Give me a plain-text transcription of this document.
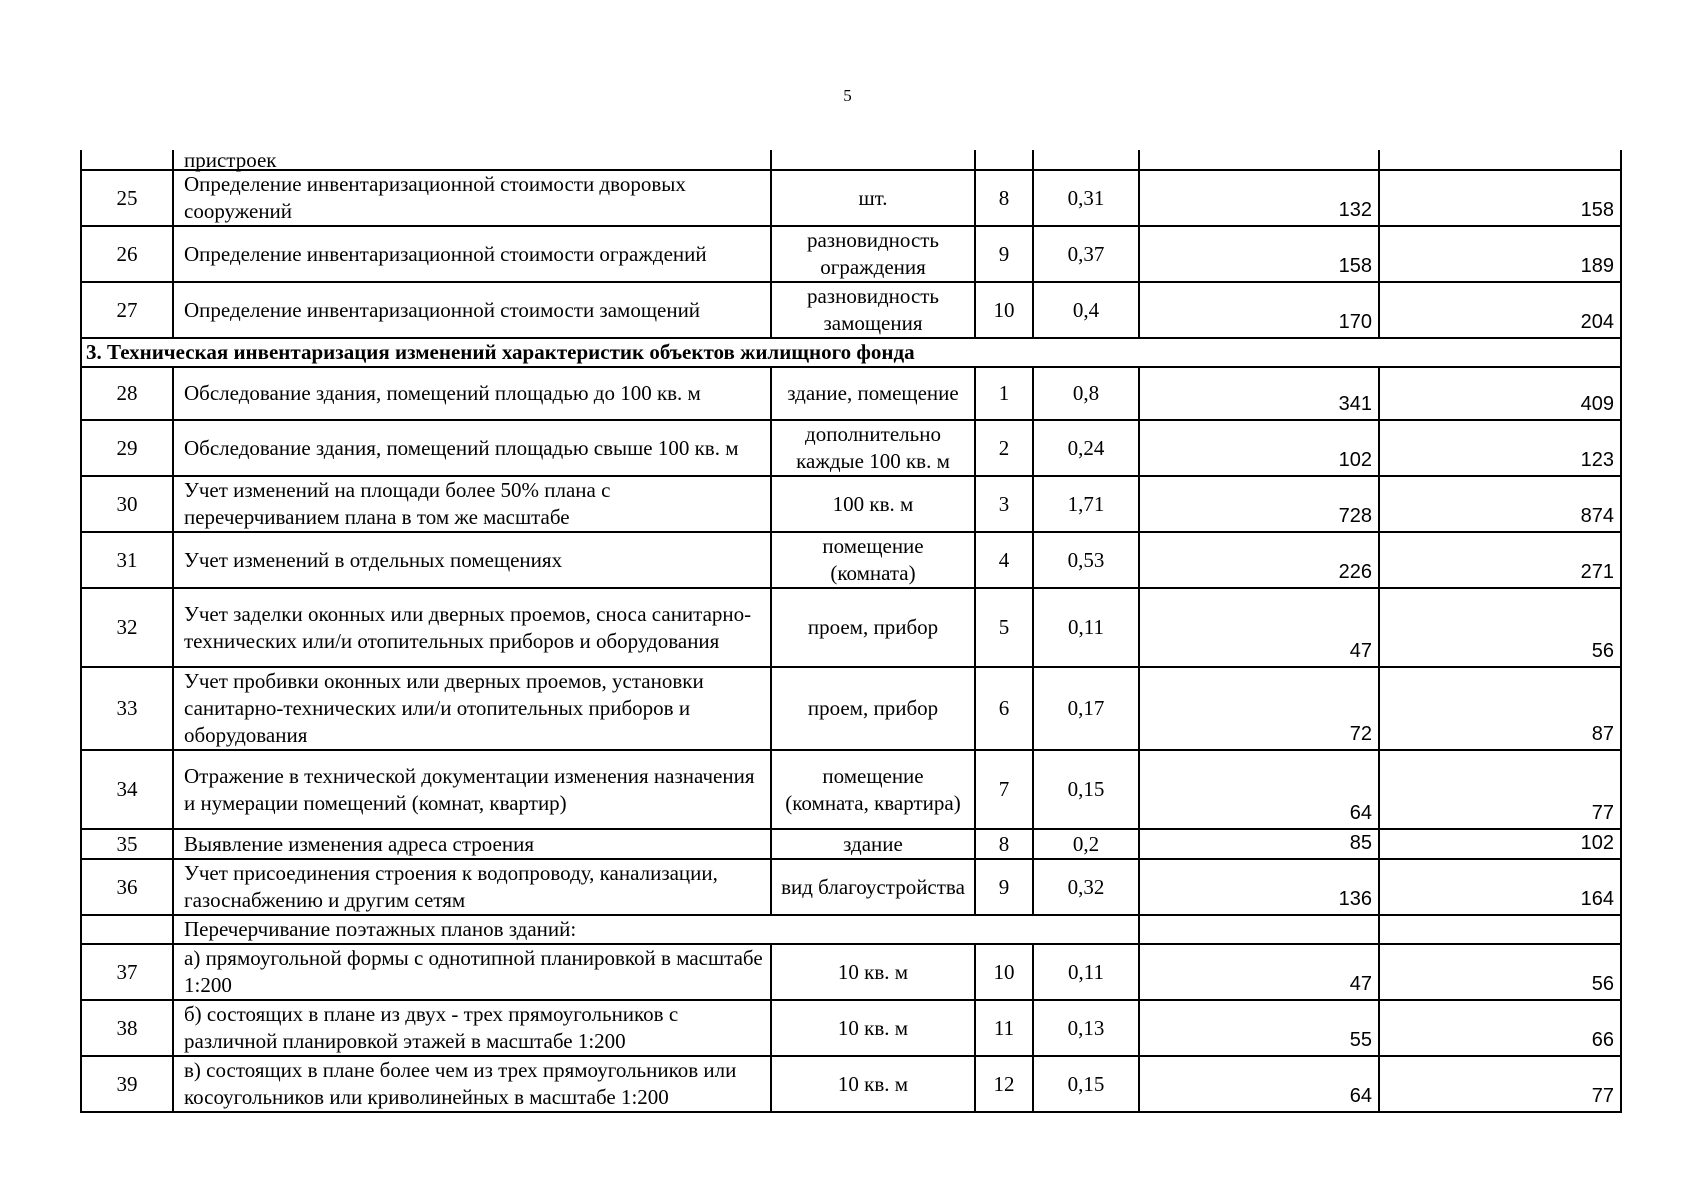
5
	пристроек					
25	Определение инвентаризационной стоимости дворовых сооружений	шт.	8	0,31	132	158
26	Определение инвентаризационной стоимости ограждений	разновидность ограждения	9	0,37	158	189
27	Определение инвентаризационной стоимости замощений	разновидность замощения	10	0,4	170	204
3. Техническая инвентаризация изменений характеристик объектов жилищного фонда						
28	Обследование здания, помещений площадью до 100 кв. м	здание, помещение	1	0,8	341	409
29	Обследование здания, помещений площадью свыше 100 кв. м	дополнительно каждые 100 кв. м	2	0,24	102	123
30	Учет изменений на площади более 50% плана с перечерчиванием плана в том же масштабе	100 кв. м	3	1,71	728	874
31	Учет изменений в отдельных помещениях	помещение (комната)	4	0,53	226	271
32	Учет заделки оконных или дверных проемов, сноса санитарно-технических или/и отопительных приборов и оборудования	проем, прибор	5	0,11	47	56
33	Учет пробивки оконных или дверных проемов, установки санитарно-технических или/и отопительных приборов и оборудования	проем, прибор	6	0,17	72	87
34	Отражение в технической документации изменения назначения и нумерации помещений (комнат, квартир)	помещение (комната, квартира)	7	0,15	64	77
35	Выявление изменения адреса строения	здание	8	0,2	85	102
36	Учет присоединения строения к водопроводу, канализации, газоснабжению и другим сетям	вид благоустройства	9	0,32	136	164
	Перечерчивание поэтажных планов зданий:					
37	а) прямоугольной формы с однотипной планировкой в масштабе 1:200	10 кв. м	10	0,11	47	56
38	б) состоящих в плане из двух - трех прямоугольников с различной планировкой этажей в масштабе 1:200	10 кв. м	11	0,13	55	66
39	в) состоящих в плане более чем из трех прямоугольников или косоугольников или криволинейных в масштабе 1:200	10 кв. м	12	0,15	64	77
